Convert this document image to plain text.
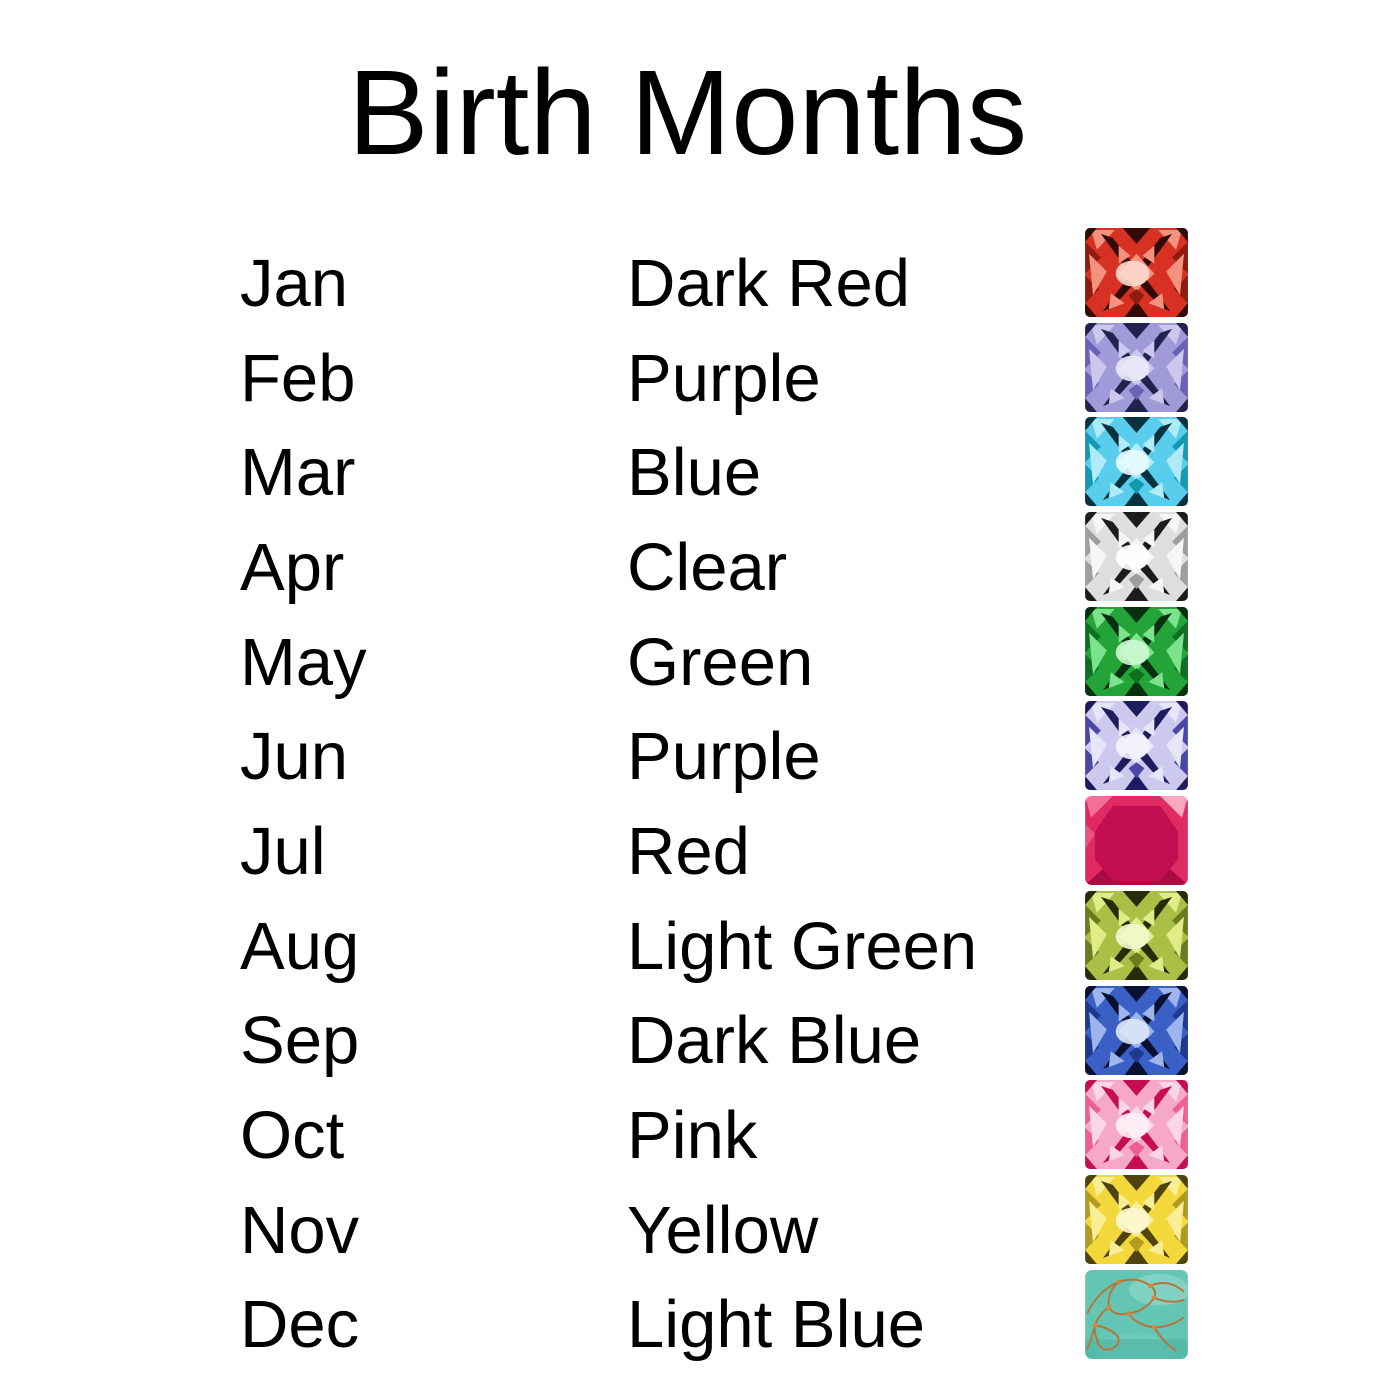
Birth Months
Jan	Dark Red
Feb	Purple
Mar	Blue
Apr	Clear
May	Green
Jun	Purple
Jul	Red
Aug	Light Green
Sep	Dark Blue
Oct	Pink
Nov	Yellow
Dec	Light Blue
